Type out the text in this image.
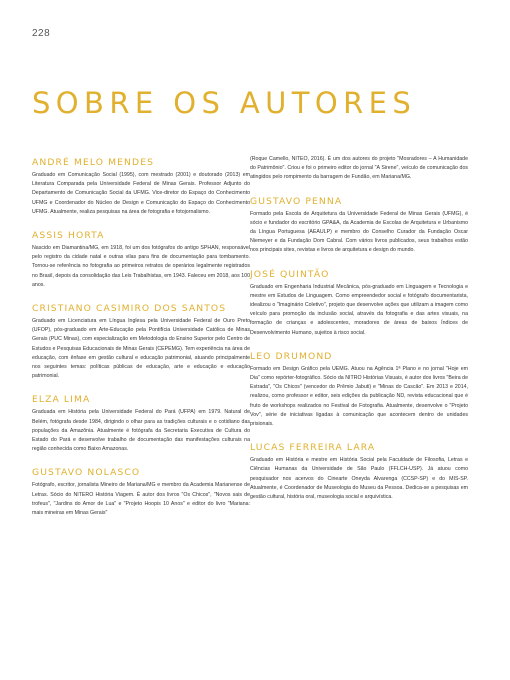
228
SOBRE OS AUTORES
ANDRÉ MELO MENDES

Graduado em Comunicação Social (1995), com mestrado (2001) e doutorado (2013) em Literatura Comparada pela Universidade Federal de Minas Gerais. Professor Adjunto do Departamento de Comunicação Social da UFMG. Vice-diretor do Espaço do Conhecimento UFMG e Coordenador do Núcleo de Design e Comunicação do Espaço do Conhecimento UFMG. Atualmente, realiza pesquisas na área de fotografia e fotojornalismo.

ASSIS HORTA

Nascido em Diamantina/MG, em 1918, foi um dos fotógrafos do antigo SPHAN, responsável pelo registro da cidade natal e outras vilas para fins de documentação para tombamento. Tornou-se referência no fotografia ao primeiros retratos de operários legalmente registrados no Brasil, depois da consolidação das Leis Trabalhistas, em 1943. Faleceu em 2018, aos 100 anos.

CRISTIANO CASIMIRO DOS SANTOS

Graduado em Licenciatura em Língua Inglesa pela Universidade Federal de Ouro Preto (UFOP), pós-graduado em Arte-Educação pela Pontifícia Universidade Católica de Minas Gerais (PUC Minas), com especialização em Metodologia do Ensino Superior pelo Centro de Estudos e Pesquisas Educacionais de Minas Gerais (CEPEMG). Tem experiência na área de educação, com ênfase em gestão cultural e educação patrimonial, atuando principalmente nos seguintes temas: políticas públicas de educação, arte e educação e educação patrimonial.

ELZA LIMA

Graduada em História pela Universidade Federal do Pará (UFPA) em 1979. Natural de Belém, fotógrafa desde 1984, dirigindo o olhar para as tradições culturais e o cotidiano das populações da Amazônia. Atualmente é fotógrafa da Secretaria Executiva de Cultura do Estado do Pará e desenvolve trabalho de documentação das manifestações culturais na região conhecida como Baixo Amazonas.

GUSTAVO NOLASCO

Fotógrafo, escritor, jornalista Mineiro de Mariana/MG e membro da Academia Marianense de Letras. Sócio do NITERO História Viagem. É autor dos livros "Os Chicos", "Novos sais de trofeus", "Jardins do Amor de Lua" e "Projeto Hoopis 10 Anos" e editor do livro "Mariana: mais mineiras em Minas Gerais"

(Roque Camello, NITEO, 2016). É um dos autores do projeto "Mosradores – A Humanidade do Patrimônio". Criou e foi o primeiro editor do jornal "A Sirene", veículo de comunicação dos atingidos pelo rompimento da barragem de Fundão, em Mariana/MG.

GUSTAVO PENNA

Formado pela Escola de Arquitetura da Universidade Federal de Minas Gerais (UFMG), é sócio e fundador do escritório GPA&A, da Academia de Escolas de Arquitetura e Urbanismo da Língua Portuguesa (AEAULP) e membro do Conselho Curador da Fundação Oscar Niemeyer e da Fundação Dom Cabral. Com vários livros publicados, seus trabalhos estão nos principais sites, revistas e livros de arquitetura e design do mundo.

JOSÉ QUINTÃO

Graduado em Engenharia Industrial Mecânica, pós-graduado em Linguagem e Tecnologia e mestre em Estudos de Linguagem. Como empreendedor social e fotógrafo documentarista, idealizou o "Imaginário Coletivo", projeto que desenvolve ações que utilizam a imagem como veículo para promoção da inclusão social, através da fotografia e das artes visuais, na formação de crianças e adolescentes, moradores de áreas de baixos Índices de Desenvolvimento Humano, sujeitos à risco social.

LEO DRUMOND

Formado em Design Gráfico pela UEMG. Atuou na Agência 1ª Plano e no jornal "Hoje em Dia" como repórter-fotográfico. Sócio da NITRO Histórias Visuais, é autor dos livros "Beira de Estrada", "Os Chicos" (vencedor do Prêmio Jabuti) e "Minas do Cascão". Em 2013 e 2014, realizou, como professor e editor, seis edições da publicação ND, revista educacional que é fruto de workshops realizados no Festival de Fotografia. Atualmente, desenvolve o "Projeto Vov", série de iniciativas ligadas à comunicação que acontecem dentro de unidades prisionais.

LUCAS FERREIRA LARA

Graduado em História e mestre em História Social pela Faculdade de Filosofia, Letras e Ciências Humanas da Universidade de São Paulo (FFLCH-USP). Já atuou como pesquisador nos acervos do Cinearte Oneyda Alvarenga (CCSP-SP) e do MIS-SP. Atualmente, é Coordenador de Museologia do Museu da Pessoa. Dedica-se a pesquisas em gestão cultural, história oral, museologia social e arquivística.
